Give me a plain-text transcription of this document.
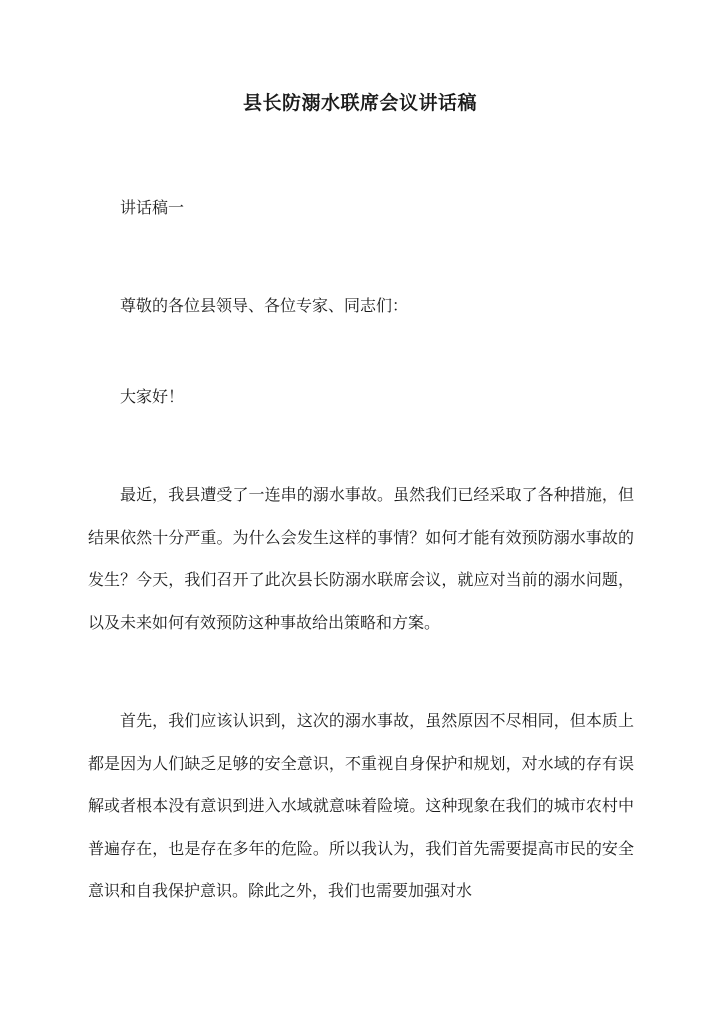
县长防溺水联席会议讲话稿

讲话稿一

尊敬的各位县领导、各位专家、同志们：

大家好！

最近，我县遭受了一连串的溺水事故。虽然我们已经采取了各种措施，但结果依然十分严重。为什么会发生这样的事情？如何才能有效预防溺水事故的发生？今天，我们召开了此次县长防溺水联席会议，就应对当前的溺水问题，以及未来如何有效预防这种事故给出策略和方案。

首先，我们应该认识到，这次的溺水事故，虽然原因不尽相同，但本质上都是因为人们缺乏足够的安全意识，不重视自身保护和规划，对水域的存有误解或者根本没有意识到进入水域就意味着险境。这种现象在我们的城市农村中普遍存在，也是存在多年的危险。所以我认为，我们首先需要提高市民的安全意识和自我保护意识。除此之外，我们也需要加强对水
